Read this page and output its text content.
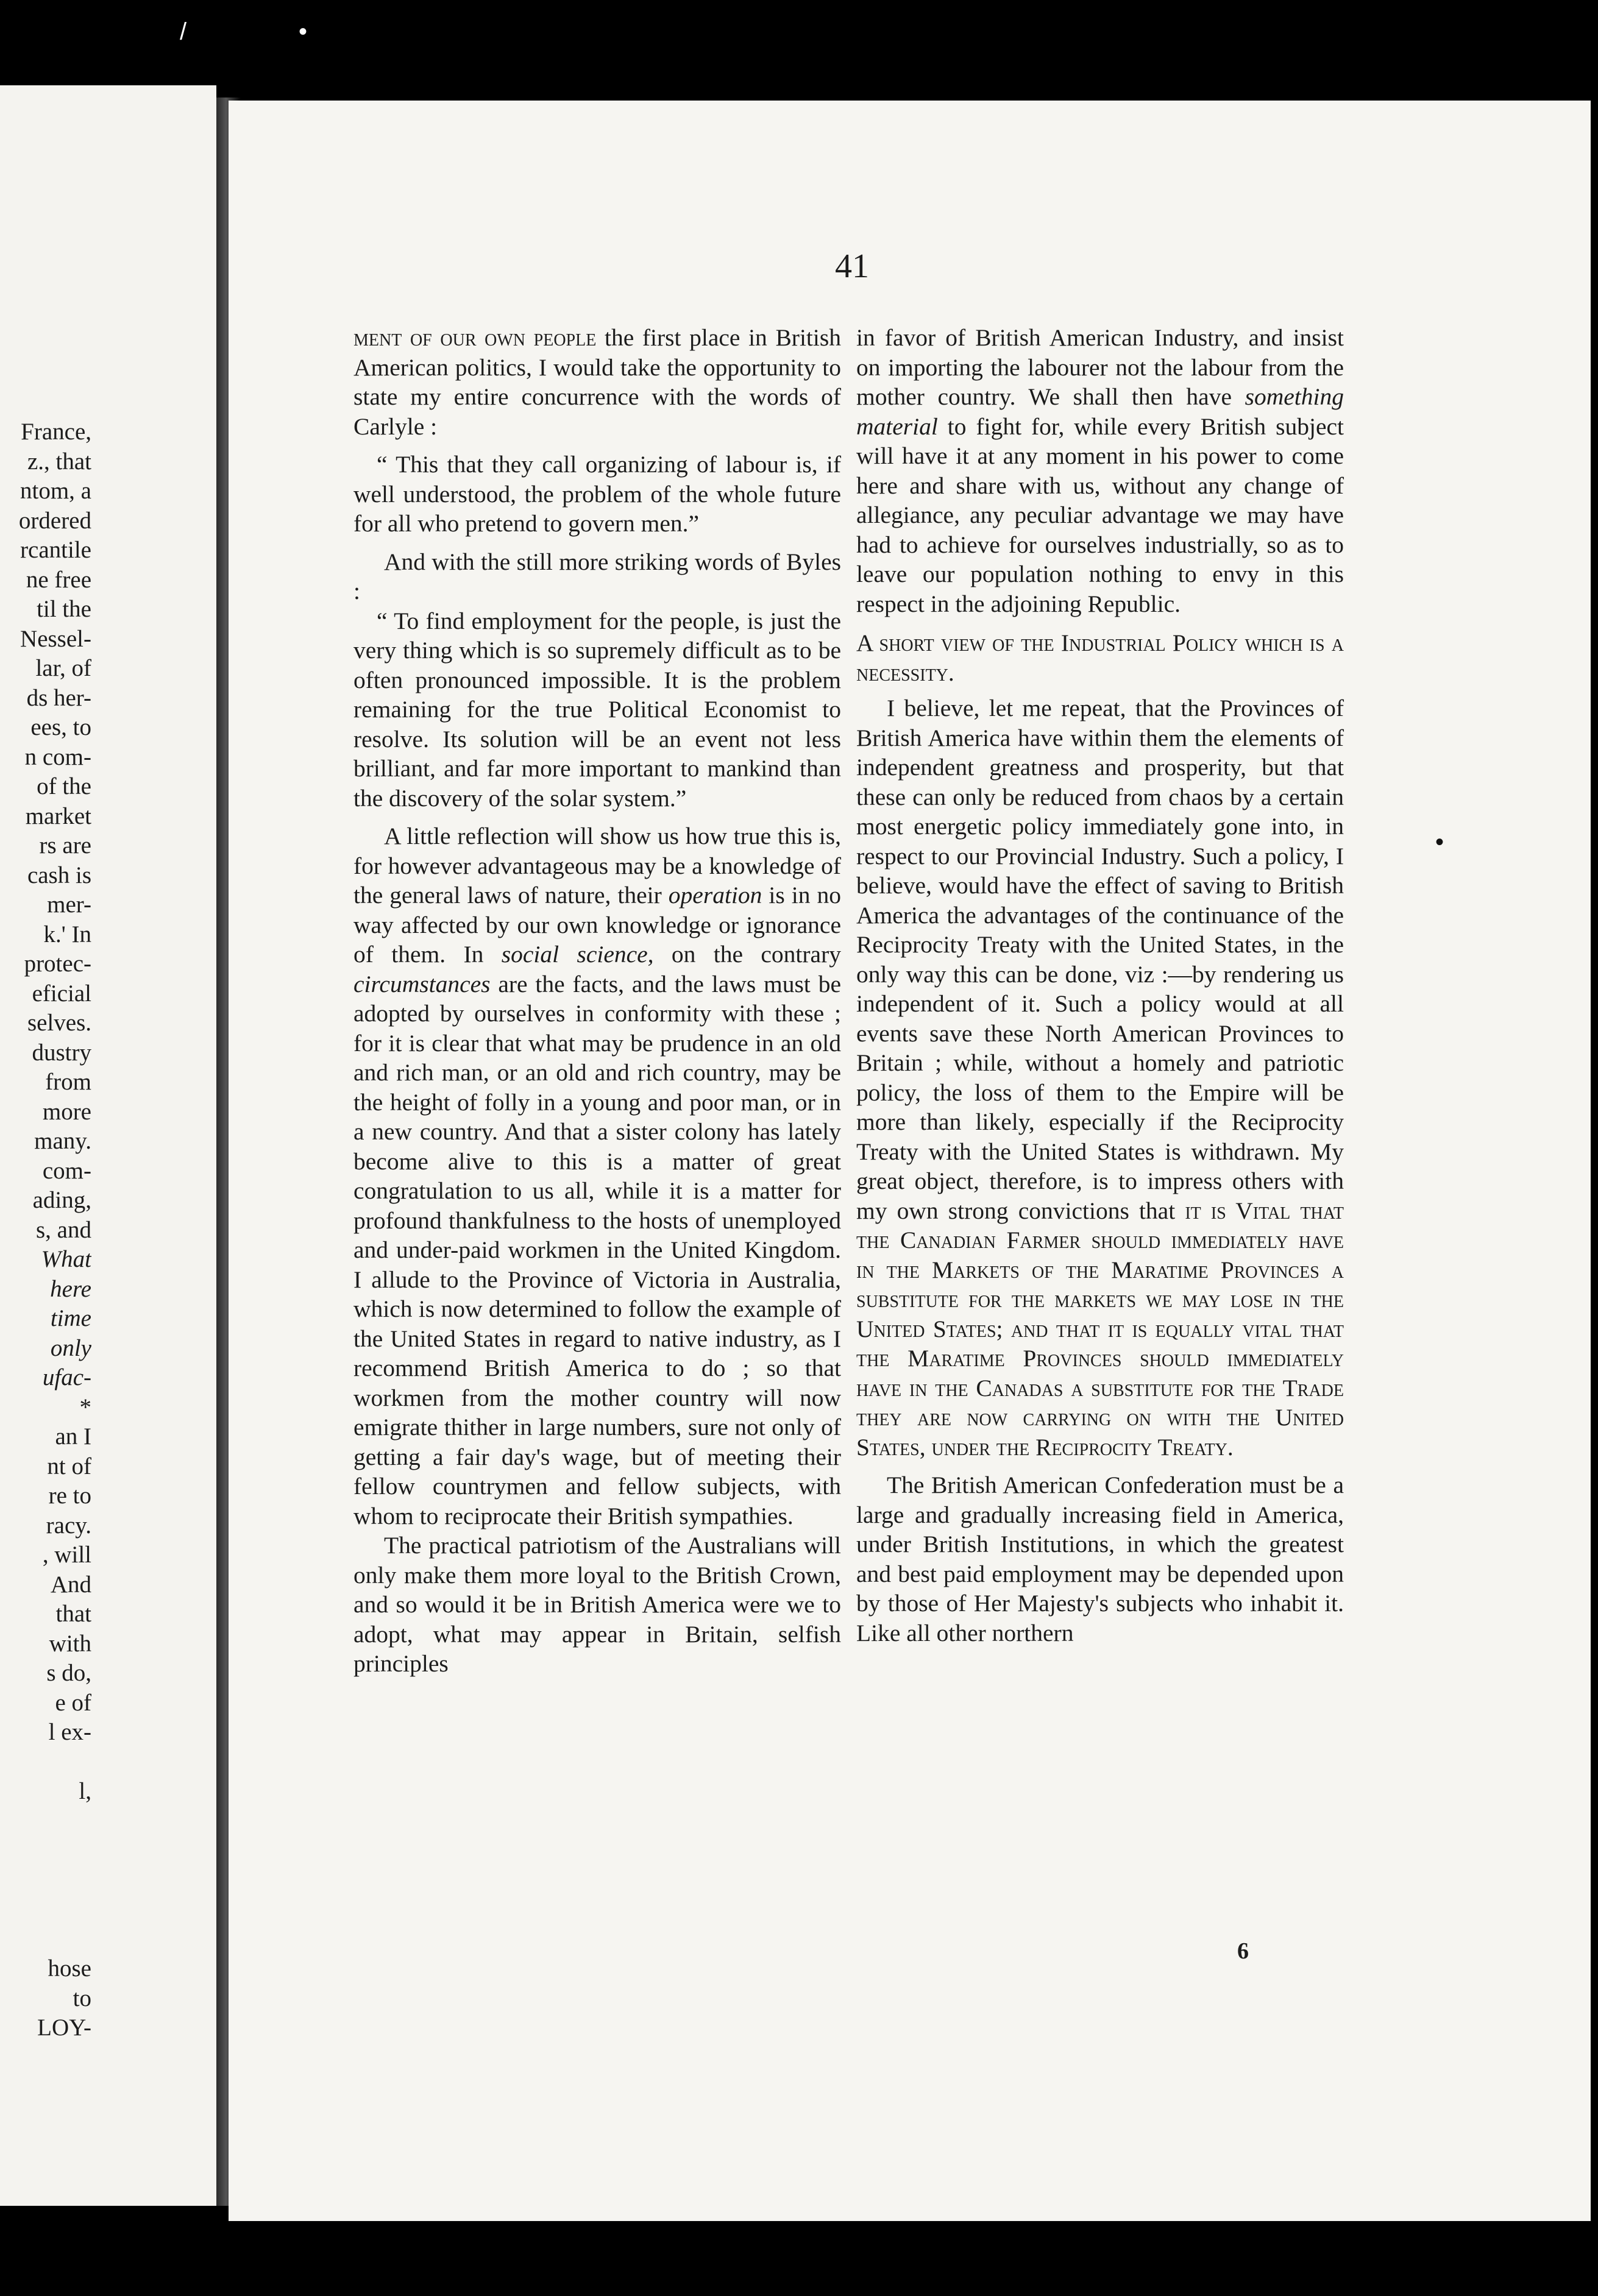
France,
z., that
ntom, a
ordered
rcantile
ne free
til the
Nessel-
lar, of
ds her-
ees, to
n com-
of the
market
rs are
cash is
mer-
k.' In
protec-
eficial
selves.
dustry
from
more
many.
com-
ading,
s, and
What
here
time
only
ufac-
*
an I
nt of
re to
racy.
, will
And
that
with
s do,
e of
l ex-
l,
hose
to
LOY-
/	•
•
41

ment of our own people the first place in British American politics, I would take the opportunity to state my entire concurrence with the words of Carlyle :

“ This that they call organizing of labour is, if well understood, the problem of the whole future for all who pretend to govern men.”

And with the still more striking words of Byles :

“ To find employment for the people, is just the very thing which is so supremely difficult as to be often pronounced impossible. It is the problem remaining for the true Political Economist to resolve. Its solution will be an event not less brilliant, and far more important to mankind than the discovery of the solar system.”

A little reflection will show us how true this is, for however advantageous may be a knowledge of the general laws of nature, their operation is in no way affected by our own knowledge or ignorance of them. In social science, on the contrary circumstances are the facts, and the laws must be adopted by ourselves in conformity with these ; for it is clear that what may be prudence in an old and rich man, or an old and rich country, may be the height of folly in a young and poor man, or in a new country. And that a sister colony has lately become alive to this is a matter of great congratulation to us all, while it is a matter for profound thankfulness to the hosts of unemployed and under-paid workmen in the United Kingdom. I allude to the Province of Victoria in Australia, which is now determined to follow the example of the United States in regard to native industry, as I recommend British America to do ; so that workmen from the mother country will now emigrate thither in large numbers, sure not only of getting a fair day's wage, but of meeting their fellow countrymen and fellow subjects, with whom to reciprocate their British sympathies.

The practical patriotism of the Australians will only make them more loyal to the British Crown, and so would it be in British America were we to adopt, what may appear in Britain, selfish principles

in favor of British American Industry, and insist on importing the labourer not the labour from the mother country. We shall then have something material to fight for, while every British subject will have it at any moment in his power to come here and share with us, without any change of allegiance, any peculiar advantage we may have had to achieve for ourselves industrially, so as to leave our population nothing to envy in this respect in the adjoining Republic.

A short view of the Industrial Policy which is a necessity.

I believe, let me repeat, that the Provinces of British America have within them the elements of independent greatness and prosperity, but that these can only be reduced from chaos by a certain most energetic policy immediately gone into, in respect to our Provincial Industry. Such a policy, I believe, would have the effect of saving to British America the advantages of the continuance of the Reciprocity Treaty with the United States, in the only way this can be done, viz :—by rendering us independent of it. Such a policy would at all events save these North American Provinces to Britain ; while, without a homely and patriotic policy, the loss of them to the Empire will be more than likely, especially if the Reciprocity Treaty with the United States is withdrawn. My great object, therefore, is to impress others with my own strong convictions that it is Vital that the Canadian Farmer should immediately have in the Markets of the Maratime Provinces a substitute for the markets we may lose in the United States; and that it is equally vital that the Maratime Provinces should immediately have in the Canadas a substitute for the Trade they are now carrying on with the United States, under the Reciprocity Treaty.

The British American Confederation must be a large and gradually increasing field in America, under British Institutions, in which the greatest and best paid employment may be depended upon by those of Her Majesty's subjects who inhabit it. Like all other northern

6
